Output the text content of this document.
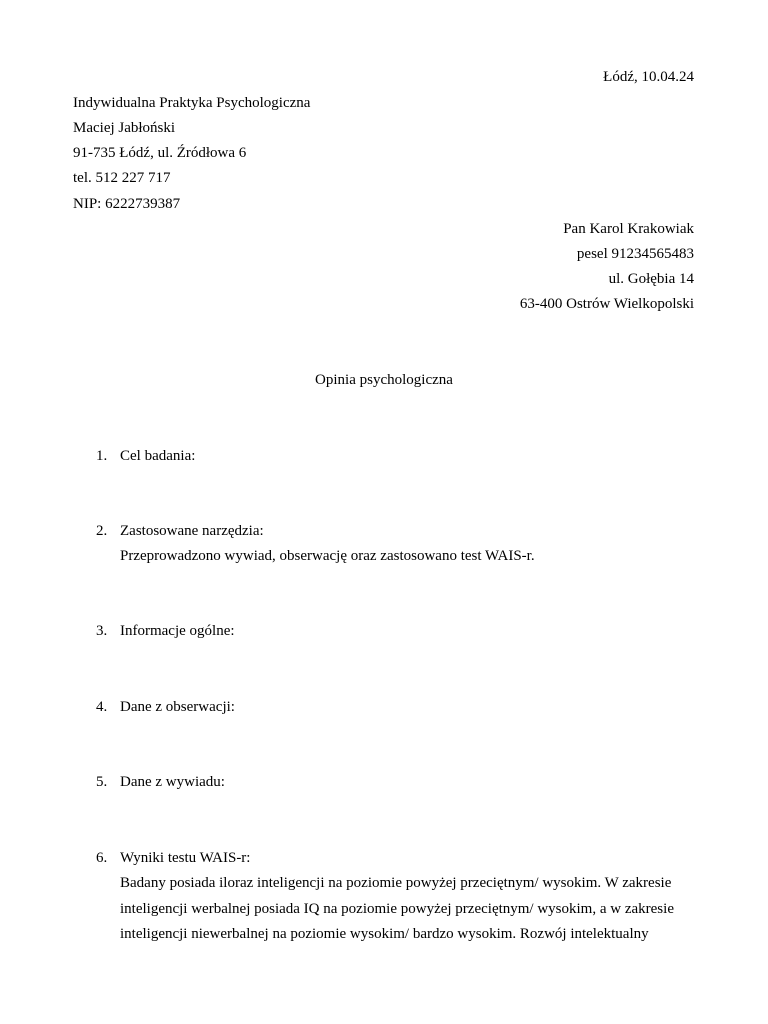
Łódź, 10.04.24
Indywidualna Praktyka Psychologiczna
Maciej Jabłoński
91-735 Łódź, ul. Źródłowa 6
tel. 512 227 717
NIP: 6222739387
Pan Karol Krakowiak
pesel 91234565483
ul. Gołębia 14
63-400 Ostrów Wielkopolski
Opinia psychologiczna
1. Cel badania:
2. Zastosowane narzędzia:
Przeprowadzono wywiad, obserwację oraz zastosowano test WAIS-r.
3. Informacje ogólne:
4. Dane z obserwacji:
5. Dane z wywiadu:
6. Wyniki testu WAIS-r:
Badany posiada iloraz inteligencji na poziomie powyżej przeciętnym/ wysokim. W zakresie
inteligencji werbalnej posiada IQ na poziomie powyżej przeciętnym/ wysokim, a w zakresie
inteligencji niewerbalnej na poziomie wysokim/ bardzo wysokim. Rozwój intelektualny
